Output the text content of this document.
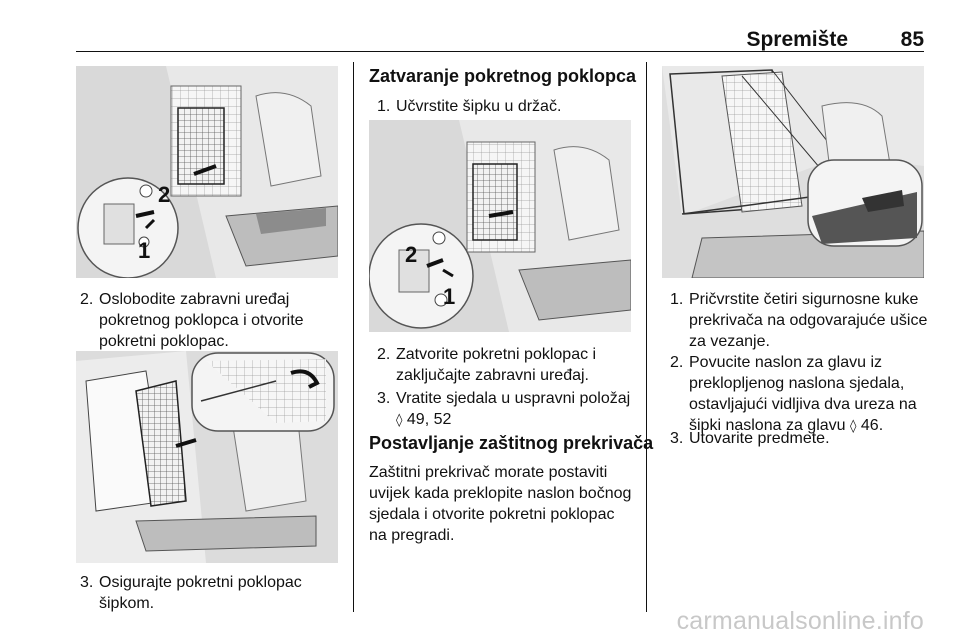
Spremište	85
2
1
2. Oslobodite zabravni uređaj pokretnog poklopca i otvorite pokretni poklopac.
3. Osigurajte pokretni poklopac šipkom.
Zatvaranje pokretnog poklopca
1. Učvrstite šipku u držač.
2
1
2. Zatvorite pokretni poklopac i zaključajte zabravni uređaj.
3. Vratite sjedala u uspravni položaj
◊ 49, 52
Postavljanje zaštitnog prekrivača
Zaštitni prekrivač morate postaviti uvijek kada preklopite naslon bočnog sjedala i otvorite pokretni poklopac na pregradi.
1. Pričvrstite četiri sigurnosne kuke prekrivača na odgovarajuće ušice za vezanje.
2. Povucite naslon za glavu iz preklopljenog naslona sjedala, ostavljajući vidljiva dva ureza na šipki naslona za glavu ◊ 46.
3. Utovarite predmete.
carmanualsonline.info
